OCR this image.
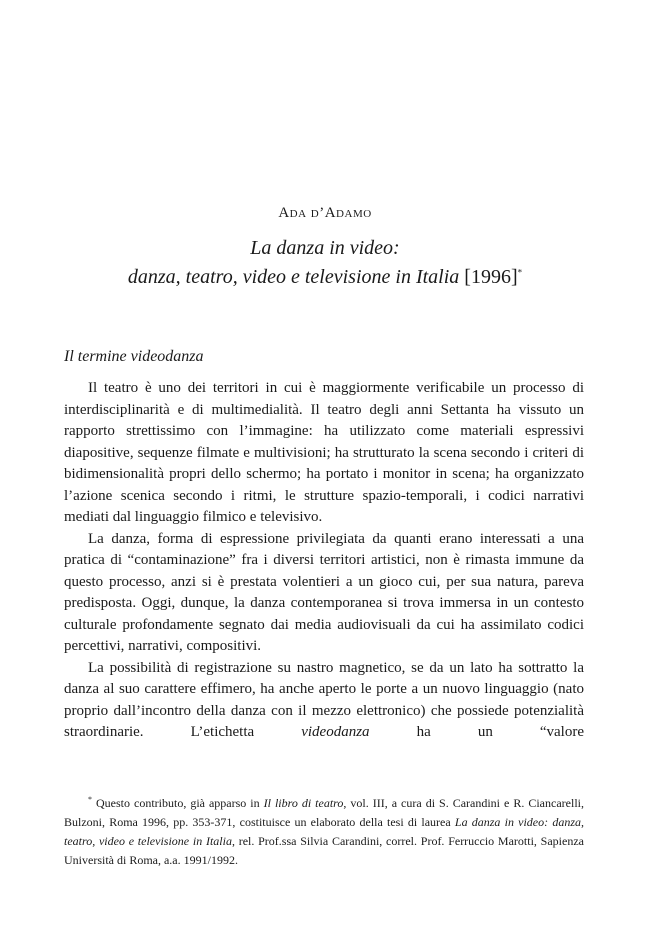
Ada d’Adamo
La danza in video:
danza, teatro, video e televisione in Italia [1996]*
Il termine videodanza

Il teatro è uno dei territori in cui è maggiormente verificabile un processo di interdisciplinarità e di multimedialità. Il teatro degli anni Settanta ha vissuto un rapporto strettissimo con l’immagine: ha utilizzato come materiali espressivi diapositive, sequenze filmate e multivisioni; ha strutturato la scena secondo i criteri di bidimensionalità propri dello schermo; ha portato i monitor in scena; ha organizzato l’azione scenica secondo i ritmi, le strutture spazio-temporali, i codici narrativi mediati dal linguaggio filmico e televisivo.

La danza, forma di espressione privilegiata da quanti erano interessati a una pratica di “contaminazione” fra i diversi territori artistici, non è rimasta immune da questo processo, anzi si è prestata volentieri a un gioco cui, per sua natura, pareva predisposta. Oggi, dunque, la danza contemporanea si trova immersa in un contesto culturale profondamente segnato dai media audiovisuali da cui ha assimilato codici percettivi, narrativi, compositivi.

La possibilità di registrazione su nastro magnetico, se da un lato ha sottratto la danza al suo carattere effimero, ha anche aperto le porte a un nuovo linguaggio (nato proprio dall’incontro della danza con il mezzo elettronico) che possiede potenzialità straordinarie. L’etichetta videodanza ha un “valore

* Questo contributo, già apparso in Il libro di teatro, vol. III, a cura di S. Carandini e R. Ciancarelli, Bulzoni, Roma 1996, pp. 353-371, costituisce un elaborato della tesi di laurea La danza in video: danza, teatro, video e televisione in Italia, rel. Prof.ssa Silvia Carandini, correl. Prof. Ferruccio Marotti, Sapienza Università di Roma, a.a. 1991/1992.
